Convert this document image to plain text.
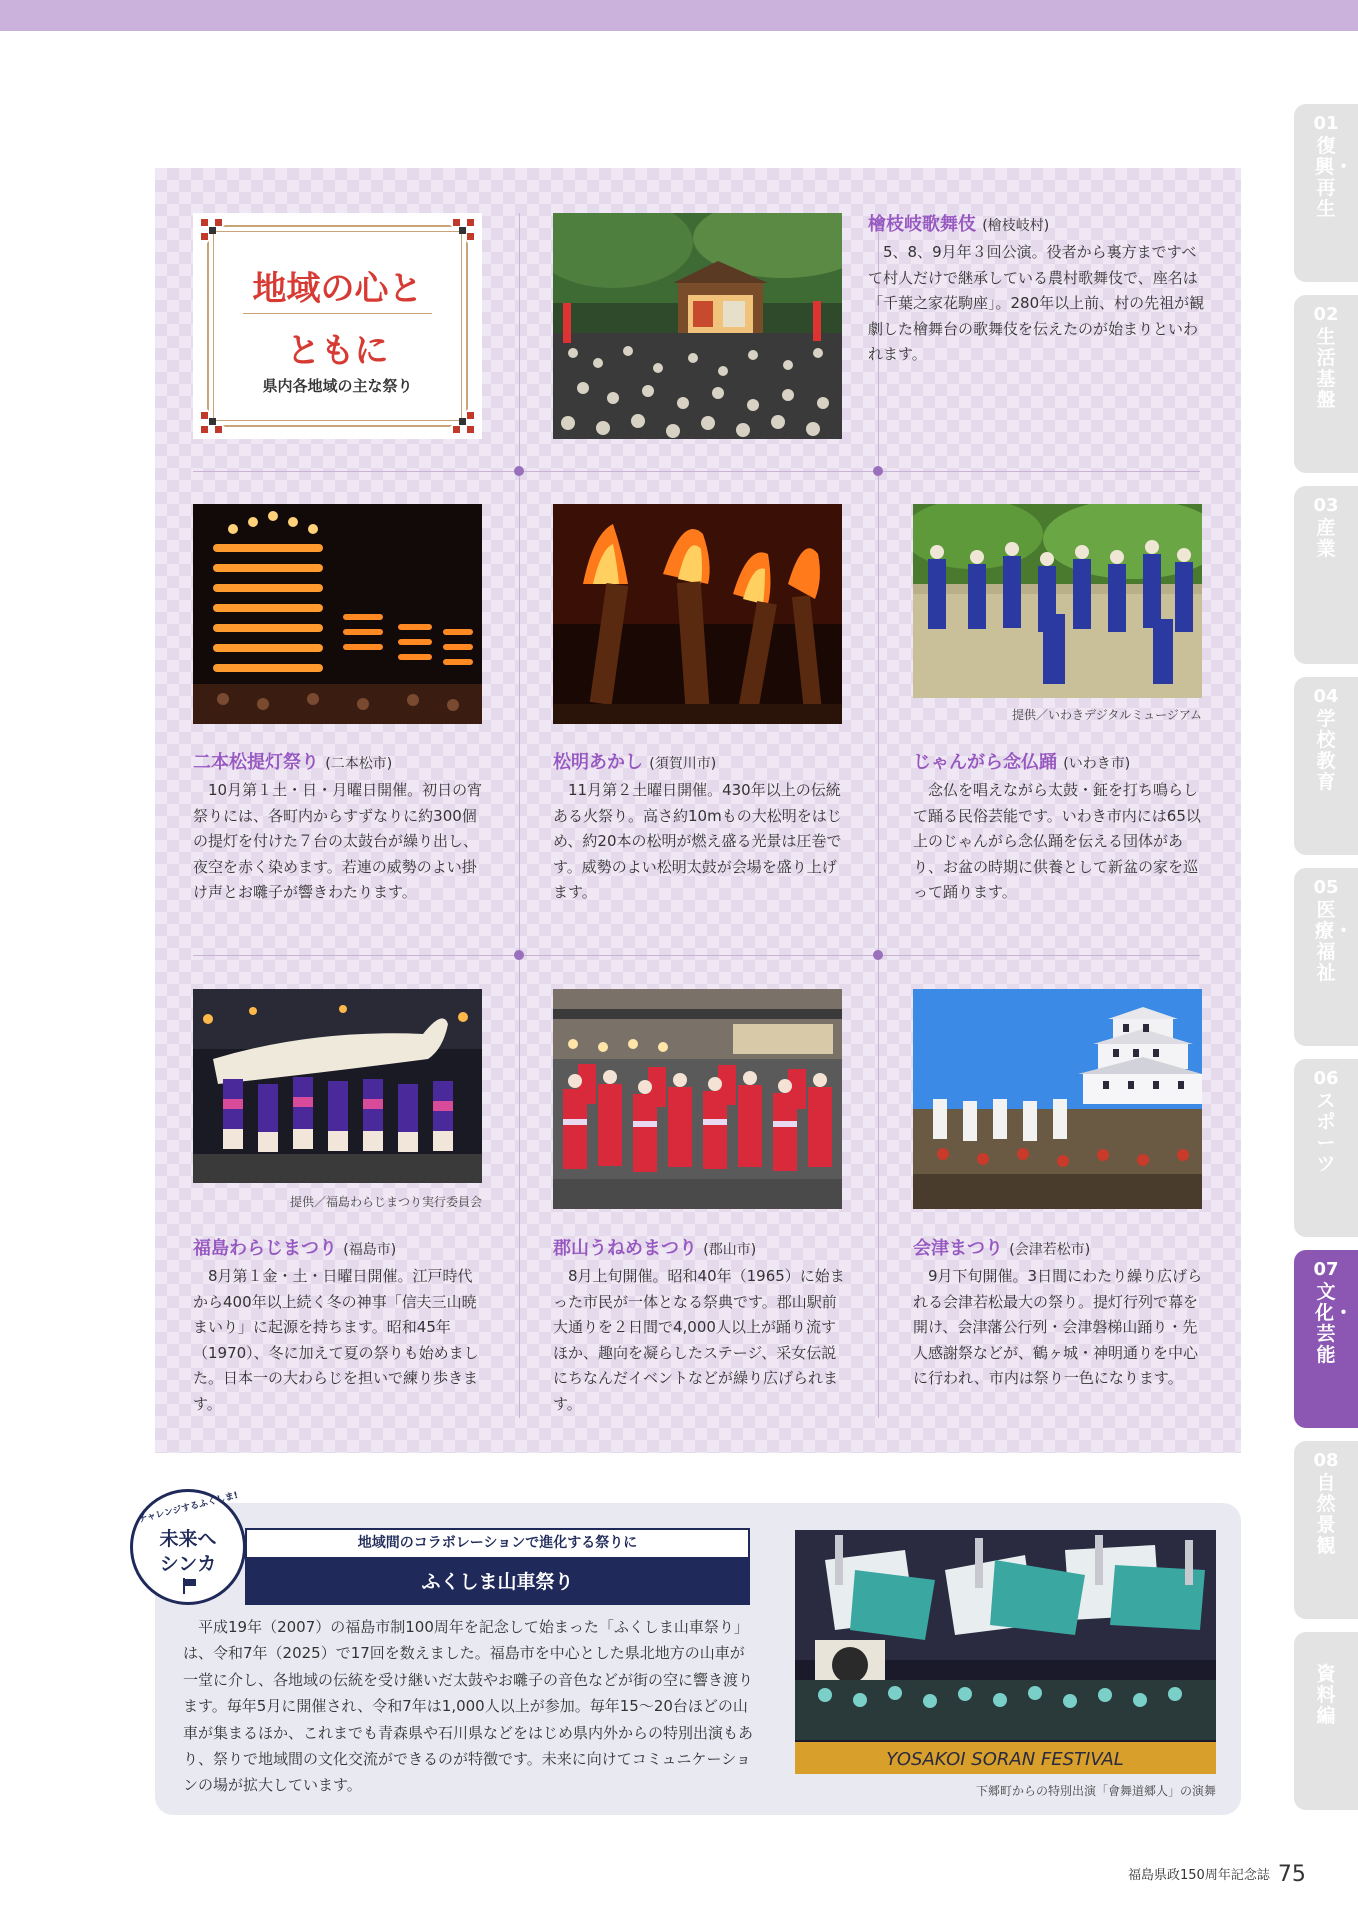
01
復興・再生
02
生活基盤
03
産　業
04
学校教育
05
医療・福祉
06
スポーツ
07
文化・芸能
08
自然景観
資料編
地域の心と
ともに
県内各地域の主な祭り
檜枝岐歌舞伎 (檜枝岐村)
5、8、9月年３回公演。役者から裏方まですべて村人だけで継承している農村歌舞伎で、座名は「千葉之家花駒座」。280年以上前、村の先祖が観劇した檜舞台の歌舞伎を伝えたのが始まりといわれます。
提供／いわきデジタルミュージアム
二本松提灯祭り (二本松市)
10月第１土・日・月曜日開催。初日の宵祭りには、各町内からすずなりに約300個の提灯を付けた７台の太鼓台が繰り出し、夜空を赤く染めます。若連の威勢のよい掛け声とお囃子が響きわたります。
松明あかし (須賀川市)
11月第２土曜日開催。430年以上の伝統ある火祭り。高さ約10mもの大松明をはじめ、約20本の松明が燃え盛る光景は圧巻です。威勢のよい松明太鼓が会場を盛り上げます。
じゃんがら念仏踊 (いわき市)
念仏を唱えながら太鼓・鉦を打ち鳴らして踊る民俗芸能です。いわき市内には65以上のじゃんがら念仏踊を伝える団体があり、お盆の時期に供養として新盆の家を巡って踊ります。
提供／福島わらじまつり実行委員会
福島わらじまつり (福島市)
8月第１金・土・日曜日開催。江戸時代から400年以上続く冬の神事「信夫三山暁まいり」に起源を持ちます。昭和45年（1970）、冬に加えて夏の祭りも始めました。日本一の大わらじを担いで練り歩きます。
郡山うねめまつり (郡山市)
8月上旬開催。昭和40年（1965）に始まった市民が一体となる祭典です。郡山駅前大通りを２日間で4,000人以上が踊り流すほか、趣向を凝らしたステージ、采女伝説にちなんだイベントなどが繰り広げられます。
会津まつり (会津若松市)
9月下旬開催。3日間にわたり繰り広げられる会津若松最大の祭り。提灯行列で幕を開け、会津藩公行列・会津磐梯山踊り・先人感謝祭などが、鶴ヶ城・神明通りを中心に行われ、市内は祭り一色になります。
チャレンジするふくしま!
未来へ
シンカ
地域間のコラボレーションで進化する祭りに
ふくしま山車祭り
平成19年（2007）の福島市制100周年を記念して始まった「ふくしま山車祭り」は、令和7年（2025）で17回を数えました。福島市を中心とした県北地方の山車が一堂に介し、各地域の伝統を受け継いだ太鼓やお囃子の音色などが街の空に響き渡ります。毎年5月に開催され、令和7年は1,000人以上が参加。毎年15～20台ほどの山車が集まるほか、これまでも青森県や石川県などをはじめ県内外からの特別出演もあり、祭りで地域間の文化交流ができるのが特徴です。未来に向けてコミュニケーションの場が拡大しています。
YOSAKOI SORAN FESTIVAL
下郷町からの特別出演「會舞道郷人」の演舞
福島県政150周年記念誌 75
